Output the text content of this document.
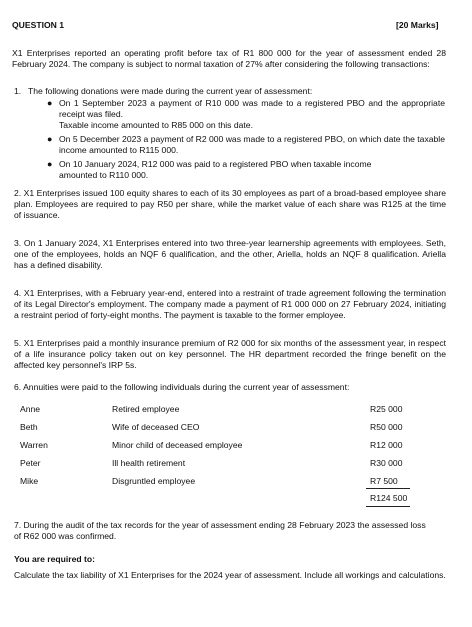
QUESTION 1	[20 Marks]
X1 Enterprises reported an operating profit before tax of R1 800 000 for the year of assessment ended 28 February 2024. The company is subject to normal taxation of 27% after considering the following transactions:
1. The following donations were made during the current year of assessment:
● On 1 September 2023 a payment of R10 000 was made to a registered PBO and the appropriate receipt was filed.
Taxable income amounted to R85 000 on this date.
● On 5 December 2023 a payment of R2 000 was made to a registered PBO, on which date the taxable income amounted to R115 000.
● On 10 January 2024, R12 000 was paid to a registered PBO when taxable income amounted to R110 000.
2. X1 Enterprises issued 100 equity shares to each of its 30 employees as part of a broad-based employee share plan. Employees are required to pay R50 per share, while the market value of each share was R125 at the time of issuance.
3. On 1 January 2024, X1 Enterprises entered into two three-year learnership agreements with employees. Seth, one of the employees, holds an NQF 6 qualification, and the other, Ariella, holds an NQF 8 qualification. Ariella has a defined disability.
4. X1 Enterprises, with a February year-end, entered into a restraint of trade agreement following the termination of its Legal Director's employment. The company made a payment of R1 000 000 on 27 February 2024, initiating a restraint period of forty-eight months. The payment is taxable to the former employee.
5. X1 Enterprises paid a monthly insurance premium of R2 000 for six months of the assessment year, in respect of a life insurance policy taken out on key personnel. The HR department recorded the fringe benefit on the affected key personnel's IRP 5s.
6. Annuities were paid to the following individuals during the current year of assessment:
Anne	Retired employee	R25 000
Beth	Wife of deceased CEO	R50 000
Warren	Minor child of deceased employee	R12 000
Peter	Ill health retirement	R30 000
Mike	Disgruntled employee	R7 500
R124 500
7. During the audit of the tax records for the year of assessment ending 28 February 2023 the assessed loss of R62 000 was confirmed.
You are required to:
Calculate the tax liability of X1 Enterprises for the 2024 year of assessment. Include all workings and calculations.
